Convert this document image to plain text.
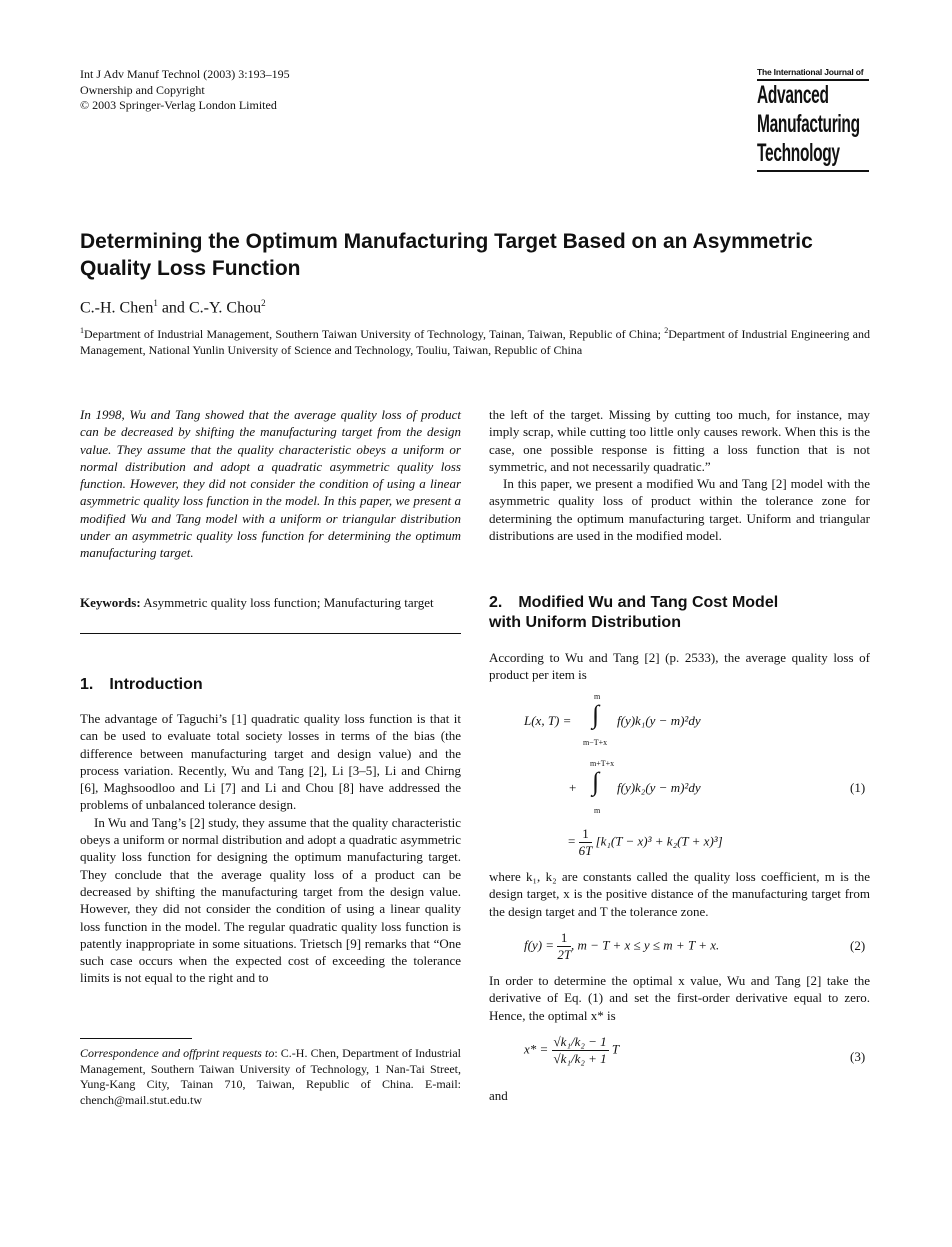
Int J Adv Manuf Technol (2003) 3:193–195
Ownership and Copyright
© 2003 Springer-Verlag London Limited
The International Journal of
Advanced
Manufacturing
Technology
Determining the Optimum Manufacturing Target Based on an Asymmetric Quality Loss Function
C.-H. Chen$^1$ and C.-Y. Chou$^2$
$^1$Department of Industrial Management, Southern Taiwan University of Technology, Tainan, Taiwan, Republic of China; $^2$Department of Industrial Engineering and Management, National Yunlin University of Science and Technology, Touliu, Taiwan, Republic of China
In 1998, Wu and Tang showed that the average quality loss of product can be decreased by shifting the manufacturing target from the design value. They assume that the quality characteristic obeys a uniform or normal distribution and adopt a quadratic asymmetric quality loss function. However, they did not consider the condition of using a linear asymmetric quality loss function in the model. In this paper, we present a modified Wu and Tang model with a uniform or triangular distribution under an asymmetric quality loss function for determining the optimum manufacturing target.
Keywords: Asymmetric quality loss function; Manufacturing target
1. Introduction
The advantage of Taguchi’s [1] quadratic quality loss function is that it can be used to evaluate total society losses in terms of the bias (the difference between manufacturing target and design value) and the process variation. Recently, Wu and Tang [2], Li [3–5], Li and Chirng [6], Maghsoodloo and Li [7] and Li and Chou [8] have addressed the problems of unbalanced tolerance design.
In Wu and Tang’s [2] study, they assume that the quality characteristic obeys a uniform or normal distribution and adopt a quadratic asymmetric quality loss function for designing the optimum manufacturing target. They conclude that the average quality loss of a product can be decreased by shifting the manufacturing target from the design value. However, they did not consider the condition of using a linear quality loss function in the model. The regular quadratic quality loss function is patently inappropriate in some situations. Trietsch [9] remarks that “One such case occurs when the expected cost of exceeding the tolerance limits is not equal to the right and to
Correspondence and offprint requests to: C.-H. Chen, Department of Industrial Management, Southern Taiwan University of Technology, 1 Nan-Tai Street, Yung-Kang City, Tainan 710, Taiwan, Republic of China. E-mail: chench@mail.stut.edu.tw
the left of the target. Missing by cutting too much, for instance, may imply scrap, while cutting too little only causes rework. When this is the case, one possible response is fitting a loss function that is not symmetric, and not necessarily quadratic.”
In this paper, we present a modified Wu and Tang [2] model with the asymmetric quality loss of product within the tolerance zone for determining the optimum manufacturing target. Uniform and triangular distributions are used in the modified model.
2. Modified Wu and Tang Cost Model
with Uniform Distribution
According to Wu and Tang [2] (p. 2533), the average quality loss of product per item is
L(x, T) =
m
∫
m−T+x
f(y)k₁(y − m)²dy
m+T+x
+ ∫
m
f(y)k₂(y − m)²dy	(1)
= $\frac{1}{6T} [k_1(T - x)^3 + k_2(T + x)^3]$
where k₁, k₂ are constants called the quality loss coefficient, m is the design target, x is the positive distance of the manufacturing target from the design target and T the tolerance zone.
$f(y) = \frac{1}{2T}$ , m − T + x ≤ y ≤ m + T + x.	(2)
In order to determine the optimal x value, Wu and Tang [2] take the derivative of Eq. (1) and set the first-order derivative equal to zero. Hence, the optimal x* is
$x* = \frac{\text{√k₁/k₂ − 1}}{\text{√k₁/k₂ + 1}}$ T
(3)
and
